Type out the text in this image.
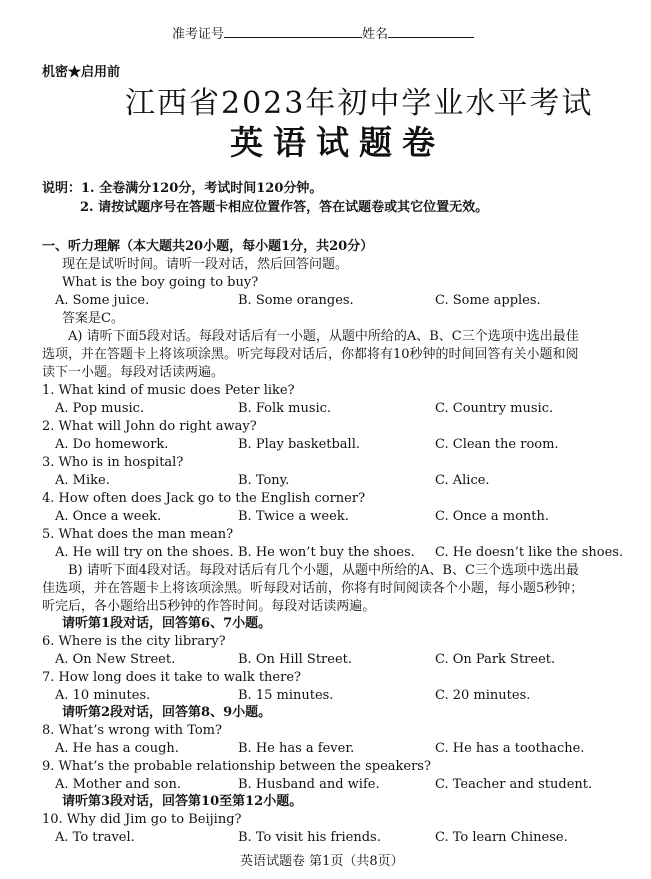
准考证号	姓名
机密★启用前
江西省2023年初中学业水平考试
英语试题卷
说明：1. 全卷满分120分，考试时间120分钟。
2. 请按试题序号在答题卡相应位置作答，答在试题卷或其它位置无效。
一、听力理解（本大题共20小题，每小题1分，共20分）
现在是试听时间。请听一段对话，然后回答问题。
What is the boy going to buy?
A. Some juice.	B. Some oranges.	C. Some apples.
答案是C。
A) 请听下面5段对话。每段对话后有一小题，从题中所给的A、B、C三个选项中选出最佳
选项，并在答题卡上将该项涂黑。听完每段对话后，你都将有10秒钟的时间回答有关小题和阅
读下一小题。每段对话读两遍。
1. What kind of music does Peter like?
A. Pop music.	B. Folk music.	C. Country music.
2. What will John do right away?
A. Do homework.	B. Play basketball.	C. Clean the room.
3. Who is in hospital?
A. Mike.	B. Tony.	C. Alice.
4. How often does Jack go to the English corner?
A. Once a week.	B. Twice a week.	C. Once a month.
5. What does the man mean?
A. He will try on the shoes. B. He won’t buy the shoes. C. He doesn’t like the shoes.
B) 请听下面4段对话。每段对话后有几个小题，从题中所给的A、B、C三个选项中选出最
佳选项，并在答题卡上将该项涂黑。听每段对话前，你将有时间阅读各个小题，每小题5秒钟；
听完后，各小题给出5秒钟的作答时间。每段对话读两遍。
请听第1段对话，回答第6、7小题。
6. Where is the city library?
A. On New Street.	B. On Hill Street.	C. On Park Street.
7. How long does it take to walk there?
A. 10 minutes.	B. 15 minutes.	C. 20 minutes.
请听第2段对话，回答第8、9小题。
8. What’s wrong with Tom?
A. He has a cough.	B. He has a fever.	C. He has a toothache.
9. What’s the probable relationship between the speakers?
A. Mother and son.	B. Husband and wife.	C. Teacher and student.
请听第3段对话，回答第10至第12小题。
10. Why did Jim go to Beijing?
A. To travel.	B. To visit his friends.	C. To learn Chinese.
英语试题卷 第1页（共8页）
